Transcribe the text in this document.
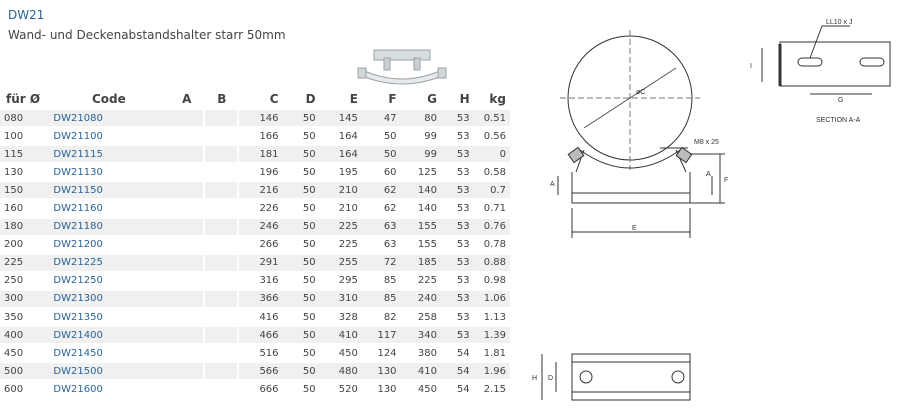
DW21
Wand- und Deckenabstandshalter starr 50mm
für Ø	Code	A	B	C	D	E	F	G	H	kg
080	DW21080			146	50	145	47	80	53	0.51
100	DW21100			166	50	164	50	99	53	0.56
115	DW21115			181	50	164	50	99	53	0
130	DW21130			196	50	195	60	125	53	0.58
150	DW21150			216	50	210	62	140	53	0.7
160	DW21160			226	50	210	62	140	53	0.71
180	DW21180			246	50	225	63	155	53	0.76
200	DW21200			266	50	225	63	155	53	0.78
225	DW21225			291	50	255	72	185	53	0.88
250	DW21250			316	50	295	85	225	53	0.98
300	DW21300			366	50	310	85	240	53	1.06
350	DW21350			416	50	328	82	258	53	1.13
400	DW21400			466	50	410	117	340	53	1.39
450	DW21450			516	50	450	124	380	54	1.81
500	DW21500			566	50	480	130	410	54	1.96
600	DW21600			666	50	520	130	450	54	2.15
øC
M8 x 25
A
A
F
E
LL10 x J
I
G
SECTION A-A
H D
